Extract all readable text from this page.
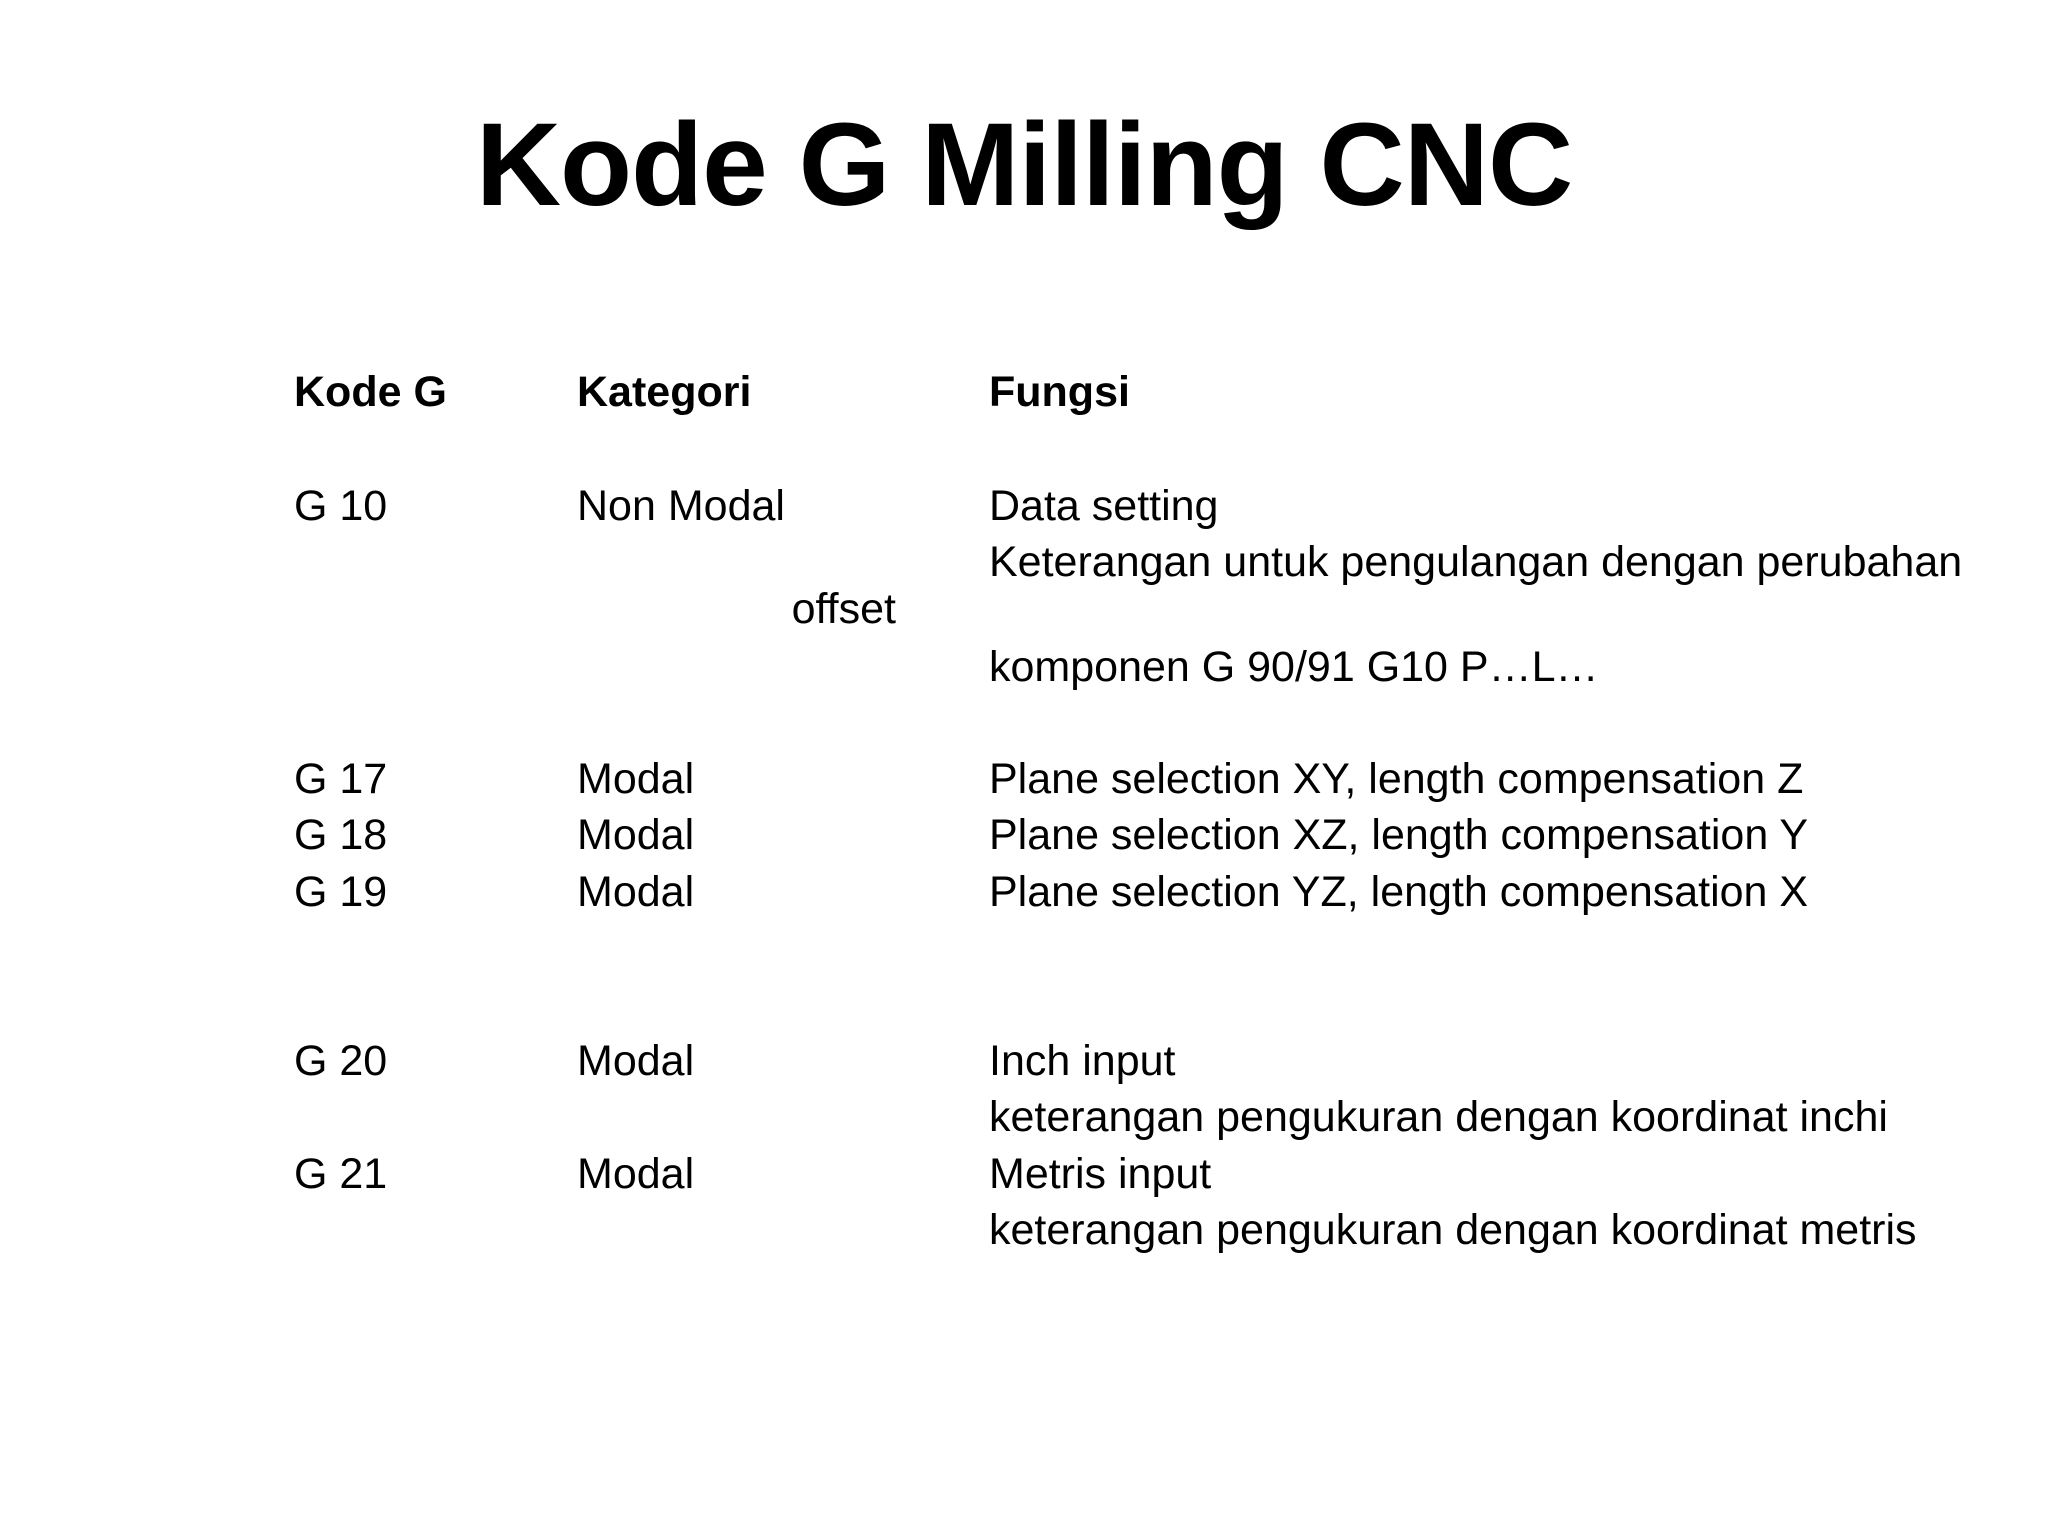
Kode G Milling CNC
Kode G	Kategori	Fungsi
G 10	Non Modal	Data setting
Keterangan untuk pengulangan dengan perubahan
offset
komponen G 90/91 G10 P…L…
G 17	Modal	Plane selection XY, length compensation Z
G 18	Modal	Plane selection XZ, length compensation Y
G 19	Modal	Plane selection YZ, length compensation X
G 20	Modal	Inch input
keterangan pengukuran dengan koordinat inchi
G 21	Modal	Metris input
keterangan pengukuran dengan koordinat metris
